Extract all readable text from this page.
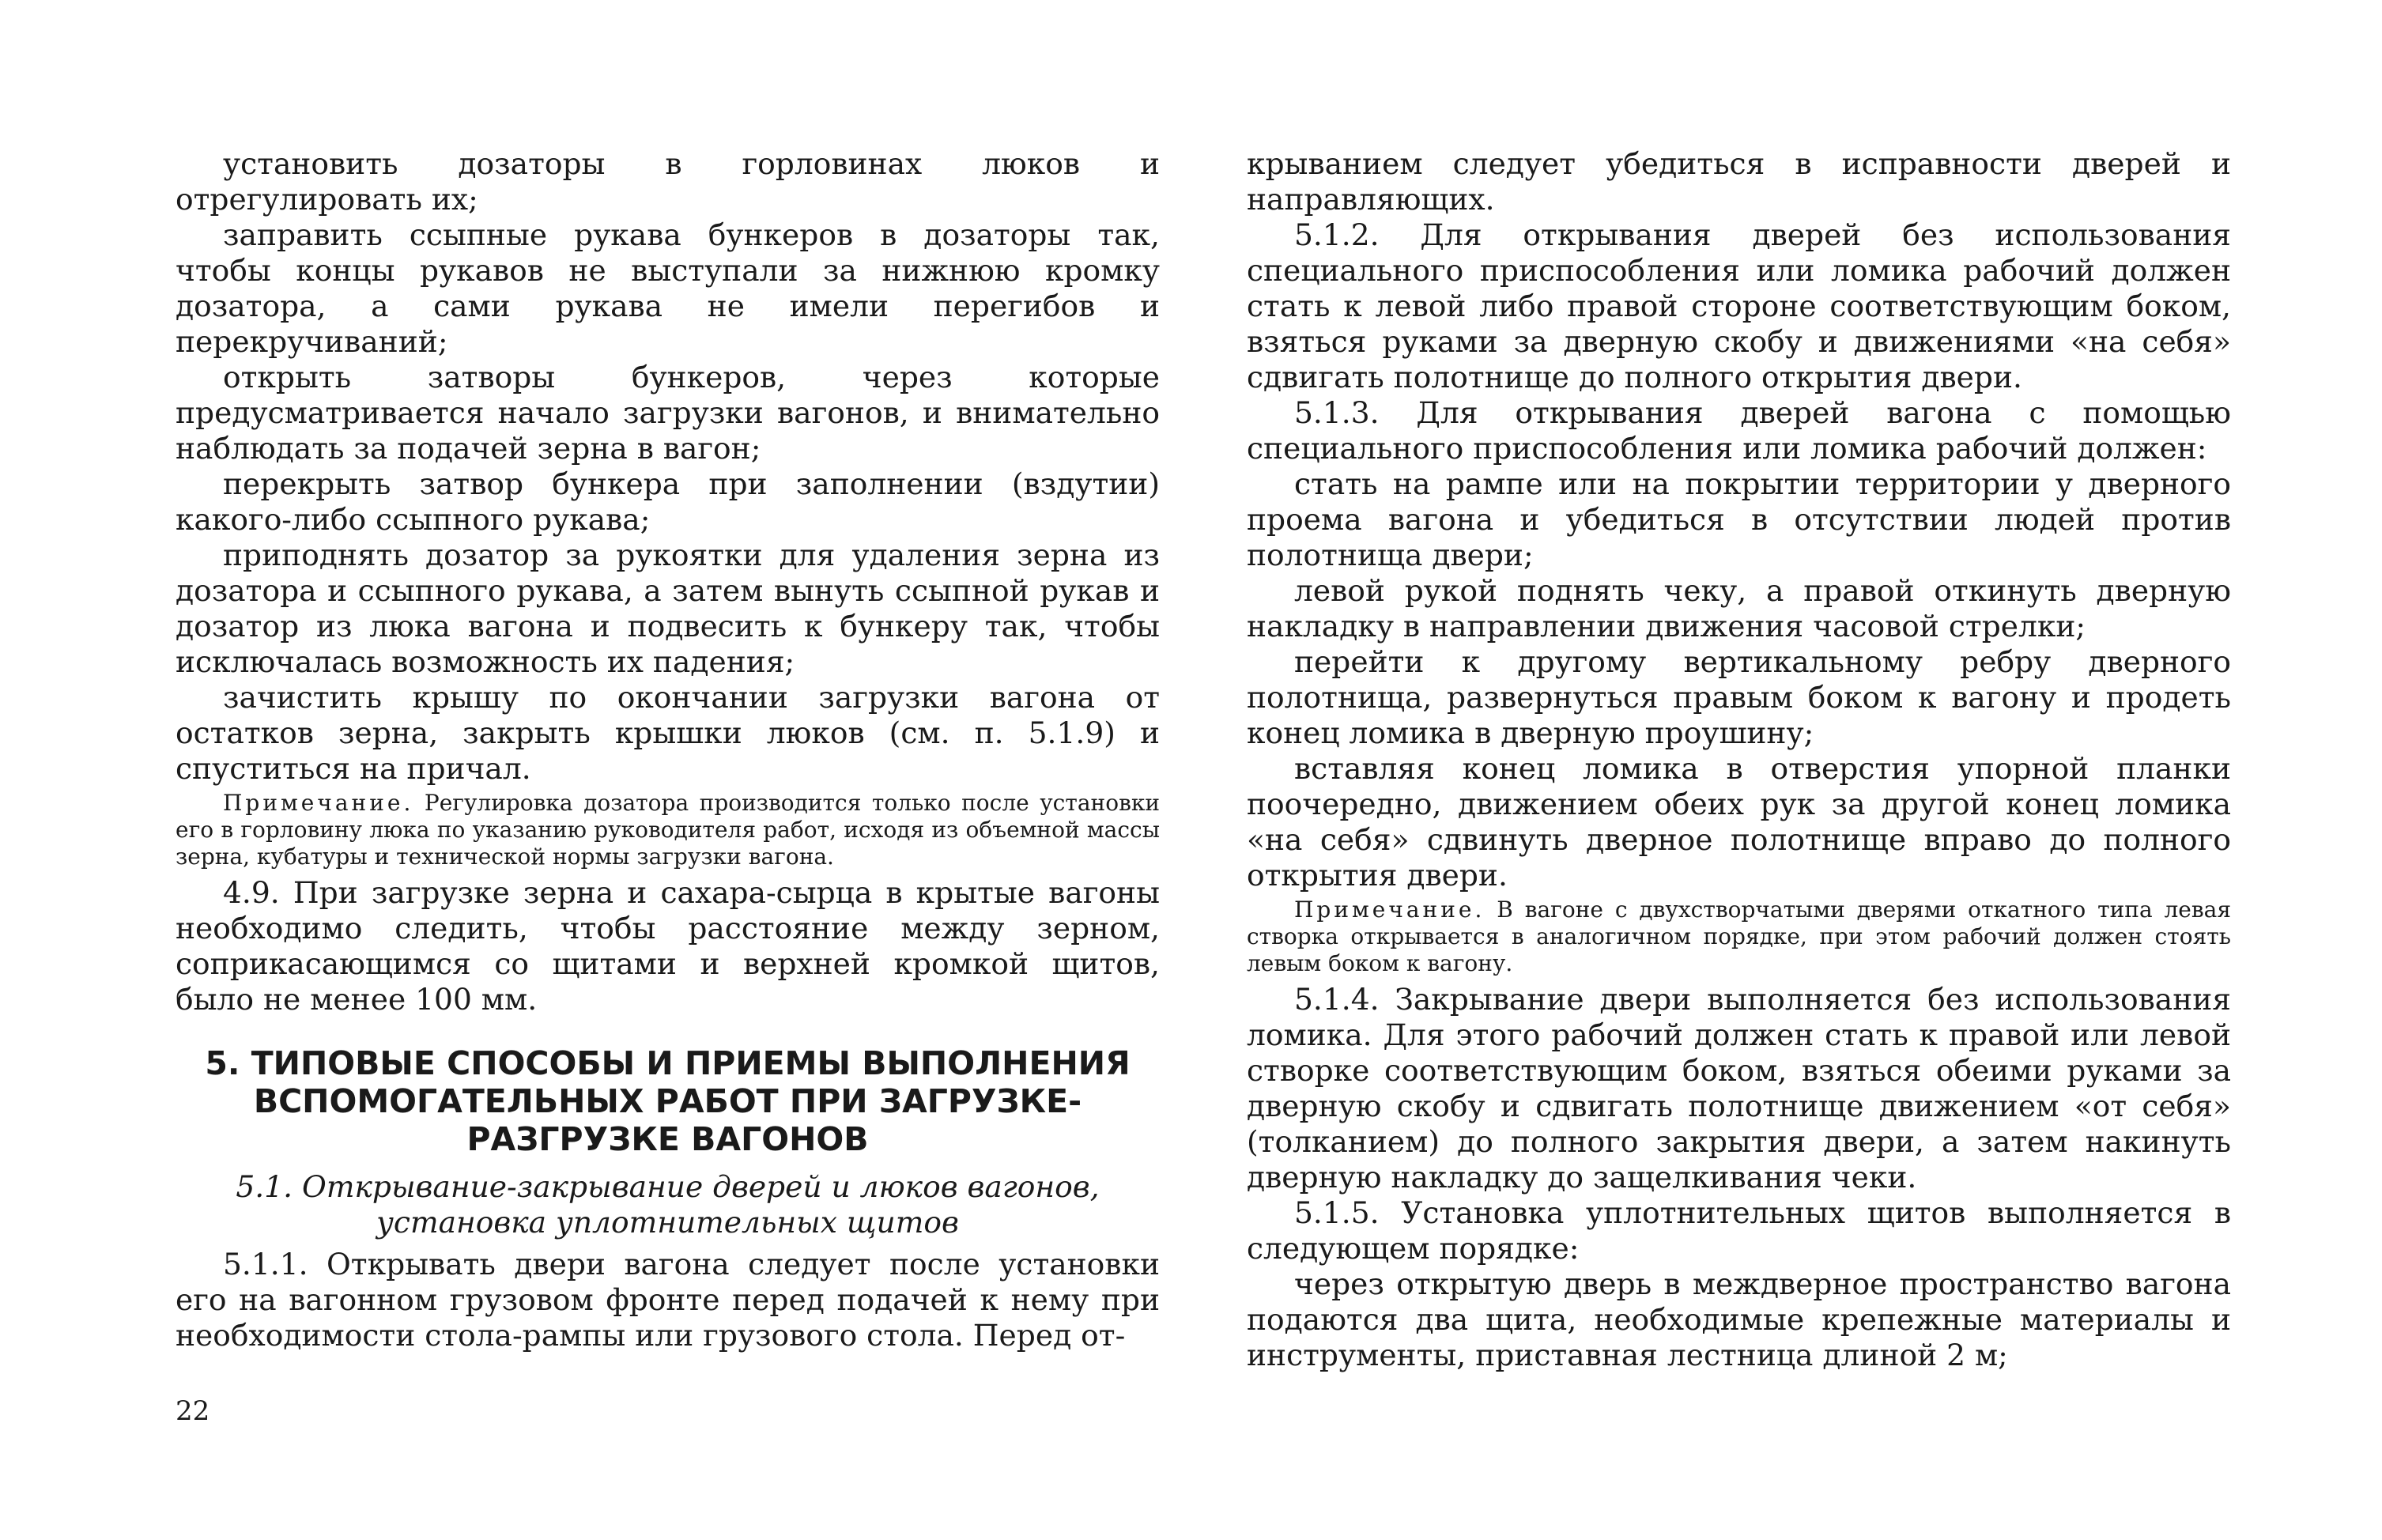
установить дозаторы в горловинах люков и отрегулировать их;

заправить ссыпные рукава бункеров в дозаторы так, чтобы концы рукавов не выступали за нижнюю кромку дозатора, а сами рукава не имели перегибов и перекручиваний;

открыть затворы бункеров, через которые предусматривается начало загрузки вагонов, и внимательно наблюдать за подачей зерна в вагон;

перекрыть затвор бункера при заполнении (вздутии) какого-либо ссыпного рукава;

приподнять дозатор за рукоятки для удаления зерна из дозатора и ссыпного рукава, а затем вынуть ссыпной рукав и дозатор из люка вагона и подвесить к бункеру так, чтобы исключалась возможность их падения;

зачистить крышу по окончании загрузки вагона от остатков зерна, закрыть крышки люков (см. п. 5.1.9) и спуститься на причал.

Примечание. Регулировка дозатора производится только после установки его в горловину люка по указанию руководителя работ, исходя из объемной массы зерна, кубатуры и технической нормы загрузки вагона.

4.9. При загрузке зерна и сахара-сырца в крытые вагоны необходимо следить, чтобы расстояние между зерном, соприкасающимся со щитами и верхней кромкой щитов, было не менее 100 мм.

5. ТИПОВЫЕ СПОСОБЫ И ПРИЕМЫ ВЫПОЛНЕНИЯ ВСПОМОГАТЕЛЬНЫХ РАБОТ ПРИ ЗАГРУЗКЕ-РАЗГРУЗКЕ ВАГОНОВ
5.1. Открывание-закрывание дверей и люков вагонов, установка уплотнительных щитов

5.1.1. Открывать двери вагона следует после установки его на вагонном грузовом фронте перед подачей к нему при необходимости стола-рампы или грузового стола. Перед от-

22

крыванием следует убедиться в исправности дверей и направляющих.

5.1.2. Для открывания дверей без использования специального приспособления или ломика рабочий должен стать к левой либо правой стороне соответствующим боком, взяться руками за дверную скобу и движениями «на себя» сдвигать полотнище до полного открытия двери.

5.1.3. Для открывания дверей вагона с помощью специального приспособления или ломика рабочий должен:

стать на рампе или на покрытии территории у дверного проема вагона и убедиться в отсутствии людей против полотнища двери;

левой рукой поднять чеку, а правой откинуть дверную накладку в направлении движения часовой стрелки;

перейти к другому вертикальному ребру дверного полотнища, развернуться правым боком к вагону и продеть конец ломика в дверную проушину;

вставляя конец ломика в отверстия упорной планки поочередно, движением обеих рук за другой конец ломика «на себя» сдвинуть дверное полотнище вправо до полного открытия двери.

Примечание. В вагоне с двухстворчатыми дверями откатного типа левая створка открывается в аналогичном порядке, при этом рабочий должен стоять левым боком к вагону.

5.1.4. Закрывание двери выполняется без использования ломика. Для этого рабочий должен стать к правой или левой створке соответствующим боком, взяться обеими руками за дверную скобу и сдвигать полотнище движением «от себя» (толканием) до полного закрытия двери, а затем накинуть дверную накладку до защелкивания чеки.

5.1.5. Установка уплотнительных щитов выполняется в следующем порядке:

через открытую дверь в междверное пространство вагона подаются два щита, необходимые крепежные материалы и инструменты, приставная лестница длиной 2 м;
